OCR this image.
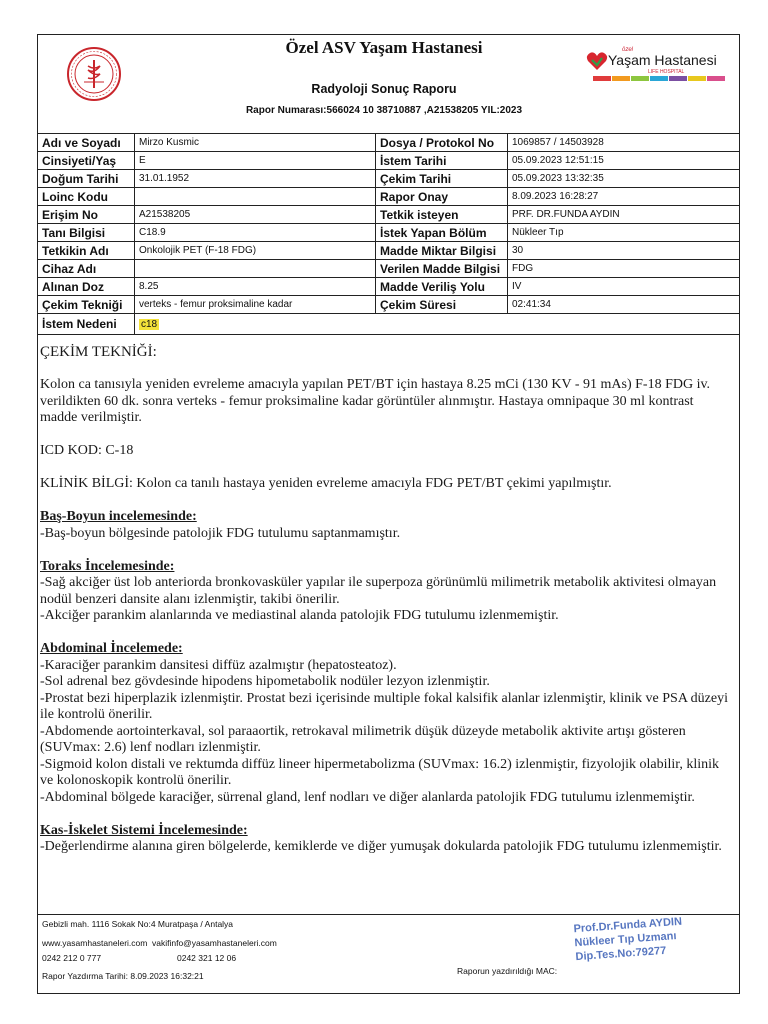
Özel ASV Yaşam Hastanesi
Radyoloji Sonuç Raporu
Rapor Numarası:566024 10 38710887 ,A21538205 YIL:2023
özel
Yaşam Hastanesi
LIFE HOSPITAL
Adı ve Soyadı	Mirzo Kusmic	Dosya / Protokol No	1069857 / 14503928
Cinsiyeti/Yaş	E	İstem Tarihi	05.09.2023 12:51:15
Doğum Tarihi	31.01.1952	Çekim Tarihi	05.09.2023 13:32:35
Loinc Kodu		Rapor Onay	8.09.2023 16:28:27
Erişim No	A21538205	Tetkik isteyen	PRF. DR.FUNDA AYDIN
Tanı Bilgisi	C18.9	İstek Yapan Bölüm	Nükleer Tıp
Tetkikin Adı	Onkolojik PET (F-18 FDG)	Madde Miktar Bilgisi	30
Cihaz Adı		Verilen Madde Bilgisi	FDG
Alınan Doz	8.25	Madde Veriliş Yolu	IV
Çekim Tekniği	verteks - femur proksimaline kadar	Çekim Süresi	02:41:34
İstem Nedeni	c18		

ÇEKİM TEKNİĞİ:

Kolon ca tanısıyla yeniden evreleme amacıyla yapılan PET/BT için hastaya 8.25 mCi (130 KV - 91 mAs) F-18 FDG iv. verildikten 60 dk. sonra verteks - femur proksimaline kadar görüntüler alınmıştır. Hastaya omnipaque 30 ml kontrast madde verilmiştir.

ICD KOD: C-18

KLİNİK BİLGİ: Kolon ca tanılı hastaya yeniden evreleme amacıyla FDG PET/BT çekimi yapılmıştır.

Baş-Boyun incelemesinde:

-Baş-boyun bölgesinde patolojik FDG tutulumu saptanmamıştır.

Toraks İncelemesinde:

-Sağ akciğer üst lob anteriorda bronkovasküler yapılar ile superpoza görünümlü milimetrik metabolik aktivitesi olmayan nodül benzeri dansite alanı izlenmiştir, takibi önerilir.

-Akciğer parankim alanlarında ve mediastinal alanda patolojik FDG tutulumu izlenmemiştir.

Abdominal İncelemede:

-Karaciğer parankim dansitesi diffüz azalmıştır (hepatosteatoz).

-Sol adrenal bez gövdesinde hipodens hipometabolik nodüler lezyon izlenmiştir.

-Prostat bezi hiperplazik izlenmiştir. Prostat bezi içerisinde multiple fokal kalsifik alanlar izlenmiştir, klinik ve PSA düzeyi ile kontrolü önerilir.

-Abdomende aortointerkaval, sol paraaortik, retrokaval milimetrik düşük düzeyde metabolik aktivite artışı gösteren (SUVmax: 2.6) lenf nodları izlenmiştir.

-Sigmoid kolon distali ve rektumda diffüz lineer hipermetabolizma (SUVmax: 16.2) izlenmiştir, fizyolojik olabilir, klinik ve kolonoskopik kontrolü önerilir.

-Abdominal bölgede karaciğer, sürrenal gland, lenf nodları ve diğer alanlarda patolojik FDG tutulumu izlenmemiştir.

Kas-İskelet Sistemi İncelemesinde:

-Değerlendirme alanına giren bölgelerde, kemiklerde ve diğer yumuşak dokularda patolojik FDG tutulumu izlenmemiştir.

Gebizli mah. 1116 Sokak No:4 Muratpaşa / Antalya
www.yasamhastaneleri.com vakifinfo@yasamhastaneleri.com
0242 212 0 777	0242 321 12 06
Rapor Yazdırma Tarihi: 8.09.2023 16:32:21	Raporun yazdırıldığı MAC:
Prof.Dr.Funda AYDIN
Nükleer Tıp Uzmanı
Dip.Tes.No:79277
